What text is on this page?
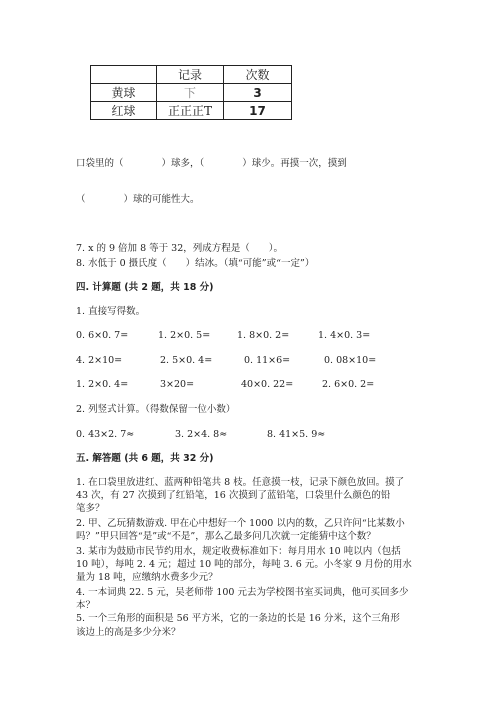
	记录	次数
黄球	下	3
红球	正正正T	17
口袋里的（　　　　）球多，（　　　　）球少。再摸一次，摸到
（　　　　）球的可能性大。
7. x 的 9 倍加 8 等于 32，列成方程是（　　）。
8. 水低于 0 摄氏度（　　）结冰。（填“可能”或“一定”）
四. 计算题 (共 2 题，共 18 分)
1. 直接写得数。
0. 6×0. 7=	1. 2×0. 5=	1. 8×0. 2=	1. 4×0. 3=
4. 2×10=	2. 5×0. 4=	0. 11×6=	0. 08×10=
1. 2×0. 4=	3×20=	40×0. 22=	2. 6×0. 2=
2. 列竖式计算。（得数保留一位小数）
0. 43×2. 7≈	3. 2×4. 8≈	8. 41×5. 9≈
五. 解答题 (共 6 题，共 32 分)
1. 在口袋里放进红、蓝两种铅笔共 8 枝。任意摸一枝，记录下颜色放回。摸了
43 次，有 27 次摸到了红铅笔，16 次摸到了蓝铅笔，口袋里什么颜色的铅
笔多？
2. 甲、乙玩猜数游戏. 甲在心中想好一个 1000 以内的数，乙只许问“比某数小
吗？”甲只回答“是”或“不是”，那么乙最多问几次就一定能猜中这个数？
3. 某市为鼓励市民节约用水，规定收费标准如下：每月用水 10 吨以内（包括
10 吨），每吨 2. 4 元；超过 10 吨的部分，每吨 3. 6 元。小冬家 9 月份的用水
量为 18 吨，应缴纳水费多少元？
4. 一本词典 22. 5 元，吴老师带 100 元去为学校图书室买词典，他可买回多少
本？
5. 一个三角形的面积是 56 平方米，它的一条边的长是 16 分米，这个三角形
该边上的高是多少分米？
